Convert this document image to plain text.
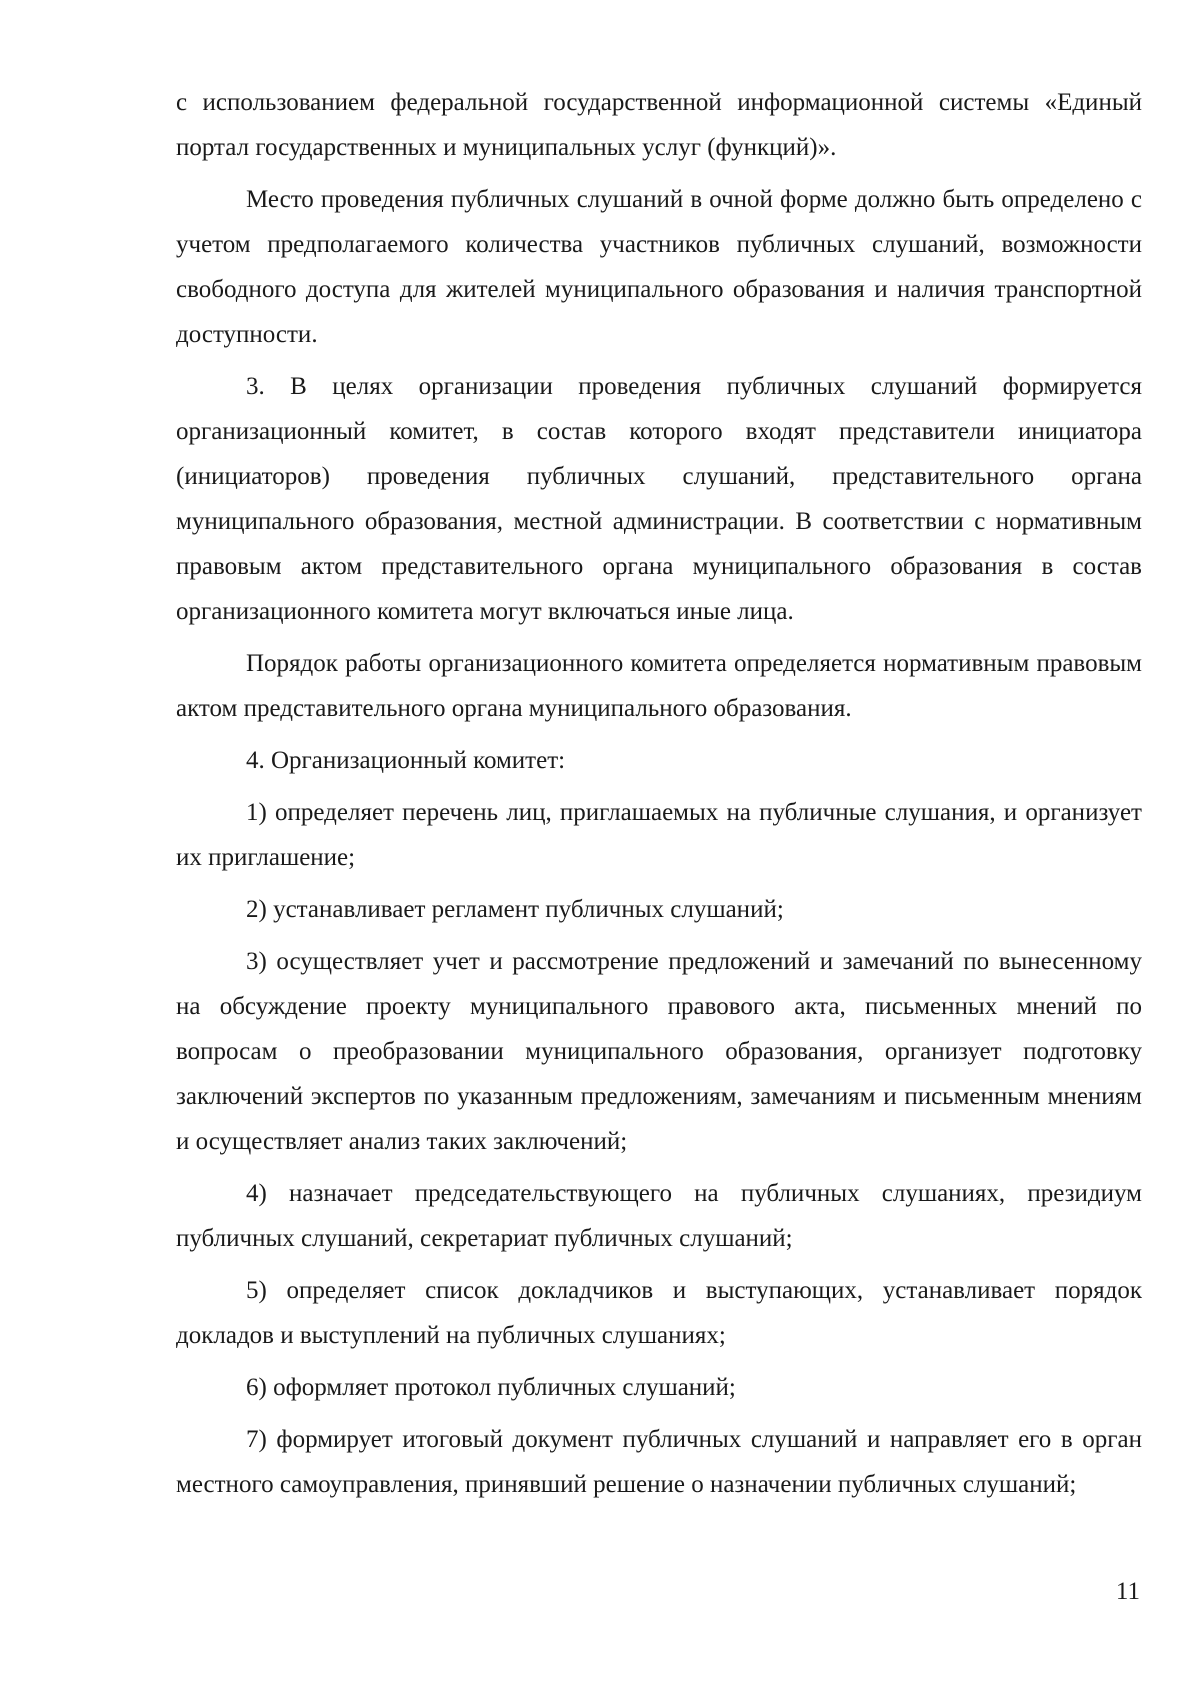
с использованием федеральной государственной информационной системы «Единый портал государственных и муниципальных услуг (функций)».

Место проведения публичных слушаний в очной форме должно быть определено с учетом предполагаемого количества участников публичных слушаний, возможности свободного доступа для жителей муниципального образования и наличия транспортной доступности.

3. В целях организации проведения публичных слушаний формируется организационный комитет, в состав которого входят представители инициатора (инициаторов) проведения публичных слушаний, представительного органа муниципального образования, местной администрации. В соответствии с нормативным правовым актом представительного органа муниципального образования в состав организационного комитета могут включаться иные лица.

Порядок работы организационного комитета определяется нормативным правовым актом представительного органа муниципального образования.

4. Организационный комитет:

1) определяет перечень лиц, приглашаемых на публичные слушания, и организует их приглашение;

2) устанавливает регламент публичных слушаний;

3) осуществляет учет и рассмотрение предложений и замечаний по вынесенному на обсуждение проекту муниципального правового акта, письменных мнений по вопросам о преобразовании муниципального образования, организует подготовку заключений экспертов по указанным предложениям, замечаниям и письменным мнениям и осуществляет анализ таких заключений;

4) назначает председательствующего на публичных слушаниях, президиум публичных слушаний, секретариат публичных слушаний;

5) определяет список докладчиков и выступающих, устанавливает порядок докладов и выступлений на публичных слушаниях;

6) оформляет протокол публичных слушаний;

7) формирует итоговый документ публичных слушаний и направляет его в орган местного самоуправления, принявший решение о назначении публичных слушаний;

11
